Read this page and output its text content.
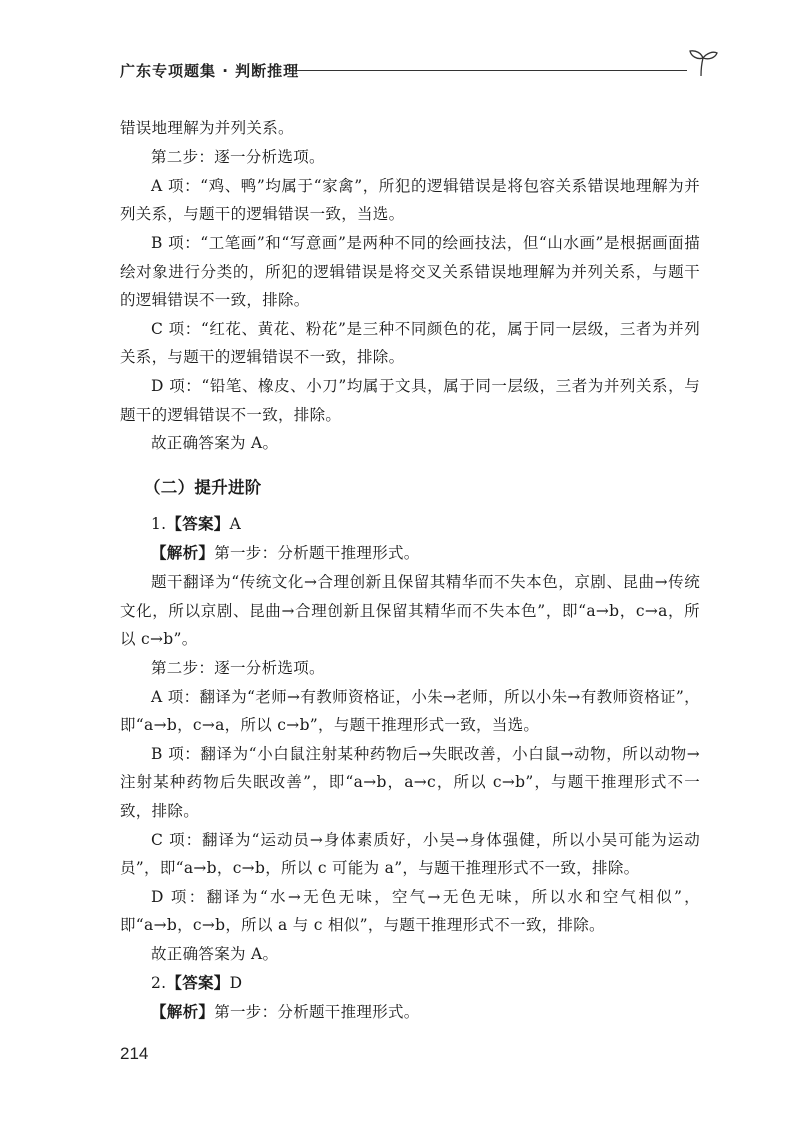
广东专项题集 · 判断推理

错误地理解为并列关系。

第二步：逐一分析选项。

A 项：“鸡、鸭”均属于“家禽”，所犯的逻辑错误是将包容关系错误地理解为并列关系，与题干的逻辑错误一致，当选。

B 项：“工笔画”和“写意画”是两种不同的绘画技法，但“山水画”是根据画面描绘对象进行分类的，所犯的逻辑错误是将交叉关系错误地理解为并列关系，与题干的逻辑错误不一致，排除。

C 项：“红花、黄花、粉花”是三种不同颜色的花，属于同一层级，三者为并列关系，与题干的逻辑错误不一致，排除。

D 项：“铅笔、橡皮、小刀”均属于文具，属于同一层级，三者为并列关系，与题干的逻辑错误不一致，排除。

故正确答案为 A。

（二）提升进阶

1.【答案】A

【解析】第一步：分析题干推理形式。

题干翻译为“传统文化→合理创新且保留其精华而不失本色，京剧、昆曲→传统文化，所以京剧、昆曲→合理创新且保留其精华而不失本色”，即“a→b，c→a，所以 c→b”。

第二步：逐一分析选项。

A 项：翻译为“老师→有教师资格证，小朱→老师，所以小朱→有教师资格证”，即“a→b，c→a，所以 c→b”，与题干推理形式一致，当选。

B 项：翻译为“小白鼠注射某种药物后→失眠改善，小白鼠→动物，所以动物→注射某种药物后失眠改善”，即“a→b，a→c，所以 c→b”，与题干推理形式不一致，排除。

C 项：翻译为“运动员→身体素质好，小吴→身体强健，所以小吴可能为运动员”，即“a→b，c→b，所以 c 可能为 a”，与题干推理形式不一致，排除。

D 项：翻译为“水→无色无味，空气→无色无味，所以水和空气相似”，即“a→b，c→b，所以 a 与 c 相似”，与题干推理形式不一致，排除。

故正确答案为 A。

2.【答案】D

【解析】第一步：分析题干推理形式。

214
